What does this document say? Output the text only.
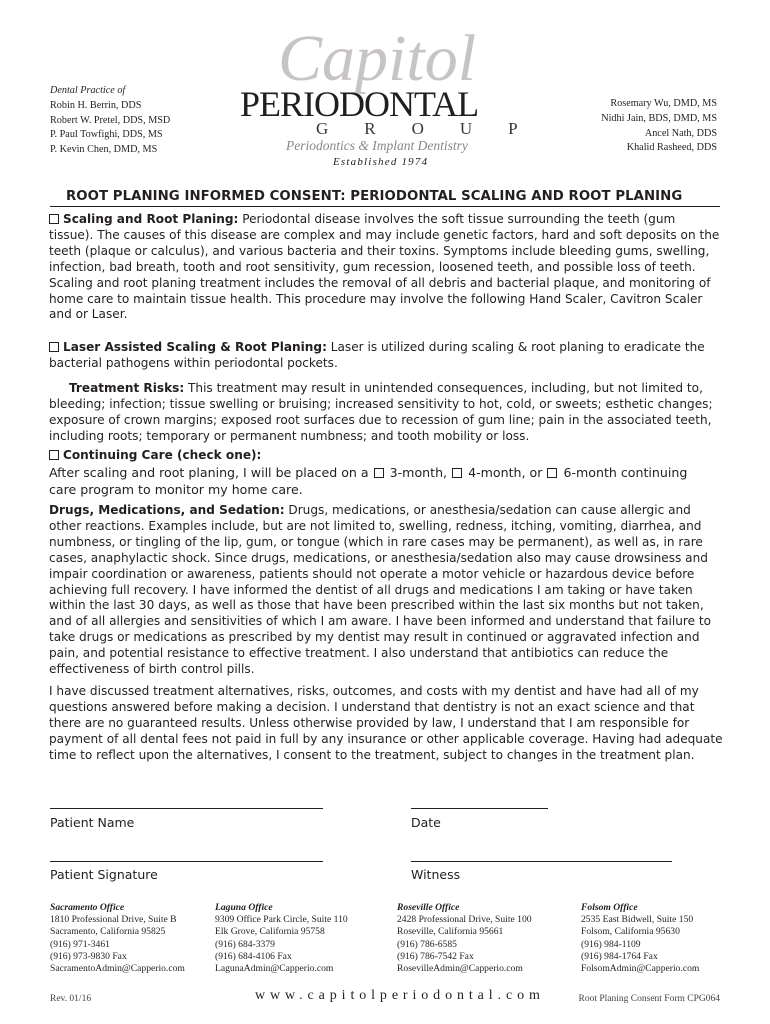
Dental Practice of
Robin H. Berrin, DDS
Robert W. Pretel, DDS, MSD
P. Paul Towfighi, DDS, MS
P. Kevin Chen, DMD, MS
Capitol
PERIODONTAL
GROUP
Periodontics & Implant Dentistry
Established 1974
Rosemary Wu, DMD, MS
Nidhi Jain, BDS, DMD, MS
Ancel Nath, DDS
Khalid Rasheed, DDS
ROOT PLANING INFORMED CONSENT: PERIODONTAL SCALING AND ROOT PLANING

Scaling and Root Planing: Periodontal disease involves the soft tissue surrounding the teeth (gum tissue). The causes of this disease are complex and may include genetic factors, hard and soft deposits on the teeth (plaque or calculus), and various bacteria and their toxins. Symptoms include bleeding gums, swelling, infection, bad breath, tooth and root sensitivity, gum recession, loosened teeth, and possible loss of teeth. Scaling and root planing treatment includes the removal of all debris and bacterial plaque, and monitoring of home care to maintain tissue health. This procedure may involve the following Hand Scaler, Cavitron Scaler and or Laser.

Laser Assisted Scaling & Root Planing: Laser is utilized during scaling & root planing to eradicate the bacterial pathogens within periodontal pockets.

Treatment Risks: This treatment may result in unintended consequences, including, but not limited to, bleeding; infection; tissue swelling or bruising; increased sensitivity to hot, cold, or sweets; esthetic changes; exposure of crown margins; exposed root surfaces due to recession of gum line; pain in the associated teeth, including roots; temporary or permanent numbness; and tooth mobility or loss.

Continuing Care (check one):

After scaling and root planing, I will be placed on a  3-month, 4-month, or 6-month continuing

care program to monitor my home care.

Drugs, Medications, and Sedation: Drugs, medications, or anesthesia/sedation can cause allergic and other reactions. Examples include, but are not limited to, swelling, redness, itching, vomiting, diarrhea, and numbness, or tingling of the lip, gum, or tongue (which in rare cases may be permanent), as well as, in rare cases, anaphylactic shock. Since drugs, medications, or anesthesia/sedation also may cause drowsiness and impair coordination or awareness, patients should not operate a motor vehicle or hazardous device before achieving full recovery. I have informed the dentist of all drugs and medications I am taking or have taken within the last 30 days, as well as those that have been prescribed within the last six months but not taken, and of all allergies and sensitivities of which I am aware. I have been informed and understand that failure to take drugs or medications as prescribed by my dentist may result in continued or aggravated infection and pain, and potential resistance to effective treatment. I also understand that antibiotics can reduce the effectiveness of birth control pills.

I have discussed treatment alternatives, risks, outcomes, and costs with my dentist and have had all of my questions answered before making a decision. I understand that dentistry is not an exact science and that there are no guaranteed results. Unless otherwise provided by law, I understand that I am responsible for payment of all dental fees not paid in full by any insurance or other applicable coverage. Having had adequate time to reflect upon the alternatives, I consent to the treatment, subject to changes in the treatment plan.

Patient Name	Date
Patient Signature	Witness
Sacramento Office
1810 Professional Drive, Suite B
Sacramento, California 95825
(916) 971-3461
(916) 973-9830 Fax
SacramentoAdmin@Capperio.com
Laguna Office
9309 Office Park Circle, Suite 110
Elk Grove, California 95758
(916) 684-3379
(916) 684-4106 Fax
LagunaAdmin@Capperio.com
Roseville Office
2428 Professional Drive, Suite 100
Roseville, California 95661
(916) 786-6585
(916) 786-7542 Fax
RosevilleAdmin@Capperio.com
Folsom Office
2535 East Bidwell, Suite 150
Folsom, California 95630
(916) 984-1109
(916) 984-1764 Fax
FolsomAdmin@Capperio.com
Rev. 01/16	www.capitolperiodontal.com	Root Planing Consent Form CPG064
